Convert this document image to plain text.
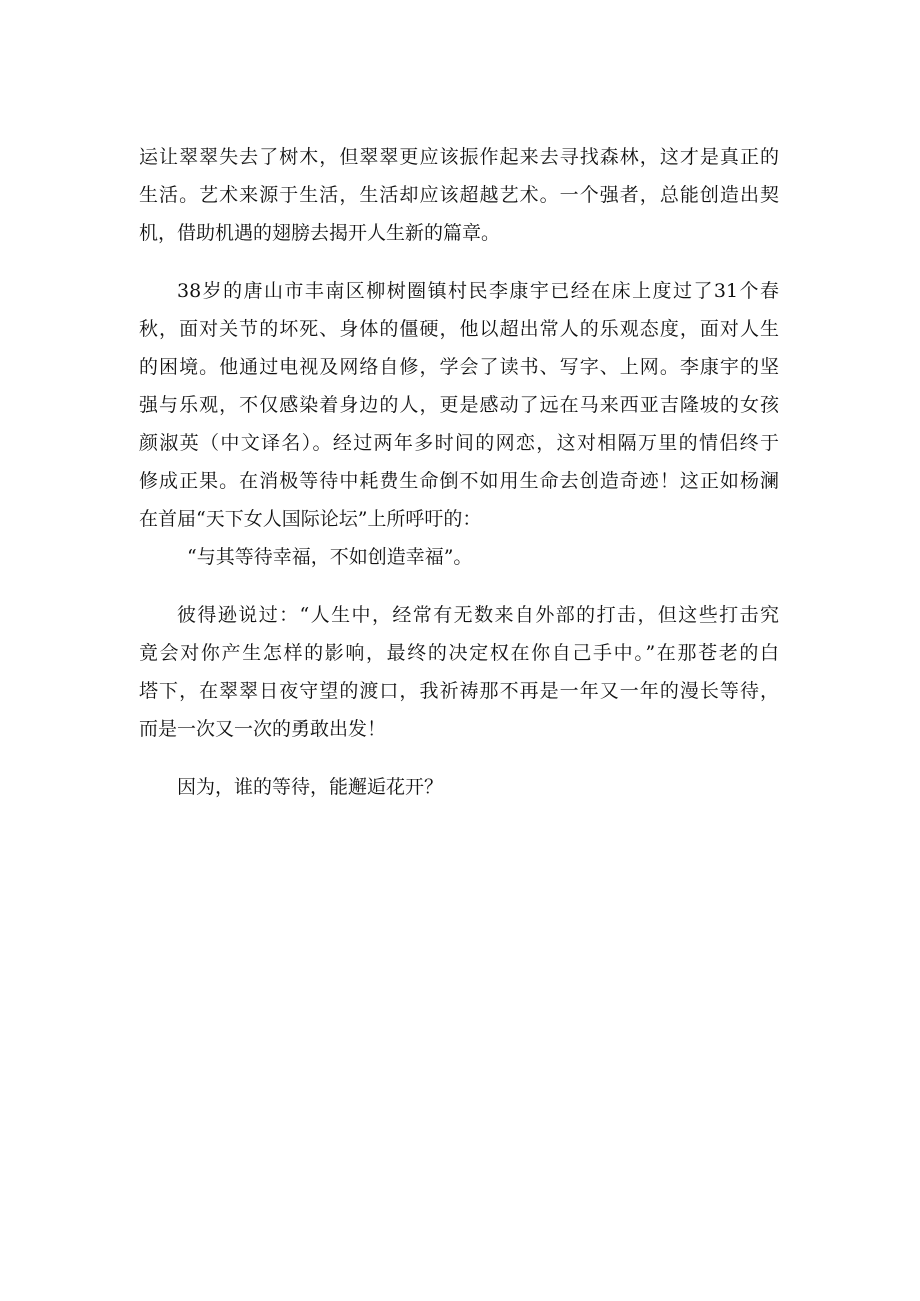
运让翠翠失去了树木，但翠翠更应该振作起来去寻找森林，这才是真正的
生活。艺术来源于生活，生活却应该超越艺术。一个强者，总能创造出契
机，借助机遇的翅膀去揭开人生新的篇章。
38岁的唐山市丰南区柳树圈镇村民李康宇已经在床上度过了31个春
秋，面对关节的坏死、身体的僵硬，他以超出常人的乐观态度，面对人生
的困境。他通过电视及网络自修，学会了读书、写字、上网。李康宇的坚
强与乐观，不仅感染着身边的人，更是感动了远在马来西亚吉隆坡的女孩
颜淑英（中文译名）。经过两年多时间的网恋，这对相隔万里的情侣终于
修成正果。在消极等待中耗费生命倒不如用生命去创造奇迹！这正如杨澜
在首届“天下女人国际论坛”上所呼吁的：
“与其等待幸福，不如创造幸福”。
彼得逊说过：“人生中，经常有无数来自外部的打击，但这些打击究
竟会对你产生怎样的影响，最终的决定权在你自己手中。”在那苍老的白
塔下，在翠翠日夜守望的渡口，我祈祷那不再是一年又一年的漫长等待，
而是一次又一次的勇敢出发！
因为，谁的等待，能邂逅花开？
